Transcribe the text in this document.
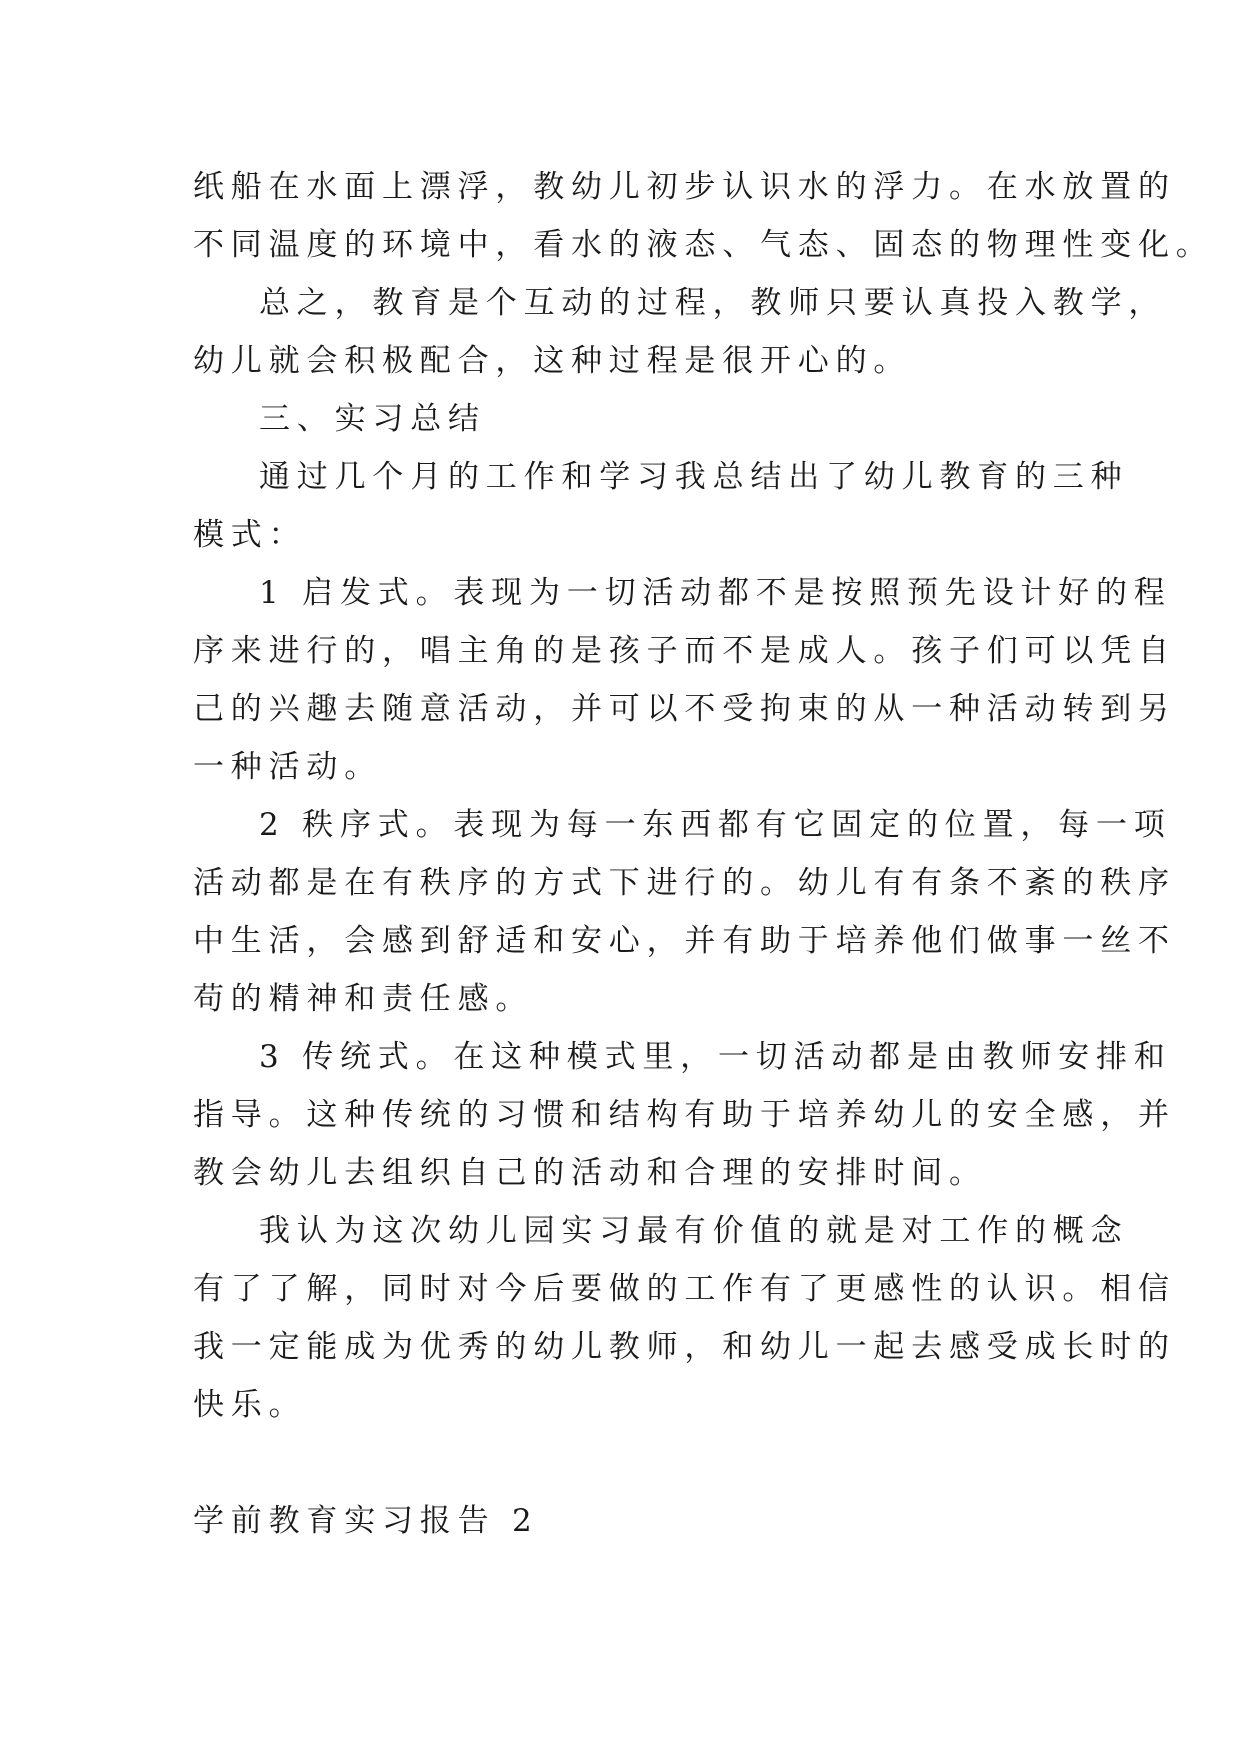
纸船在水面上漂浮，教幼儿初步认识水的浮力。在水放置的
不同温度的环境中，看水的液态、气态、固态的物理性变化。
总之，教育是个互动的过程，教师只要认真投入教学，
幼儿就会积极配合，这种过程是很开心的。
三、实习总结
通过几个月的工作和学习我总结出了幼儿教育的三种
模式：
1 启发式。表现为一切活动都不是按照预先设计好的程
序来进行的，唱主角的是孩子而不是成人。孩子们可以凭自
己的兴趣去随意活动，并可以不受拘束的从一种活动转到另
一种活动。
2 秩序式。表现为每一东西都有它固定的位置，每一项
活动都是在有秩序的方式下进行的。幼儿有有条不紊的秩序
中生活，会感到舒适和安心，并有助于培养他们做事一丝不
苟的精神和责任感。
3 传统式。在这种模式里，一切活动都是由教师安排和
指导。这种传统的习惯和结构有助于培养幼儿的安全感，并
教会幼儿去组织自己的活动和合理的安排时间。
我认为这次幼儿园实习最有价值的就是对工作的概念
有了了解，同时对今后要做的工作有了更感性的认识。相信
我一定能成为优秀的幼儿教师，和幼儿一起去感受成长时的
快乐。
学前教育实习报告 2
